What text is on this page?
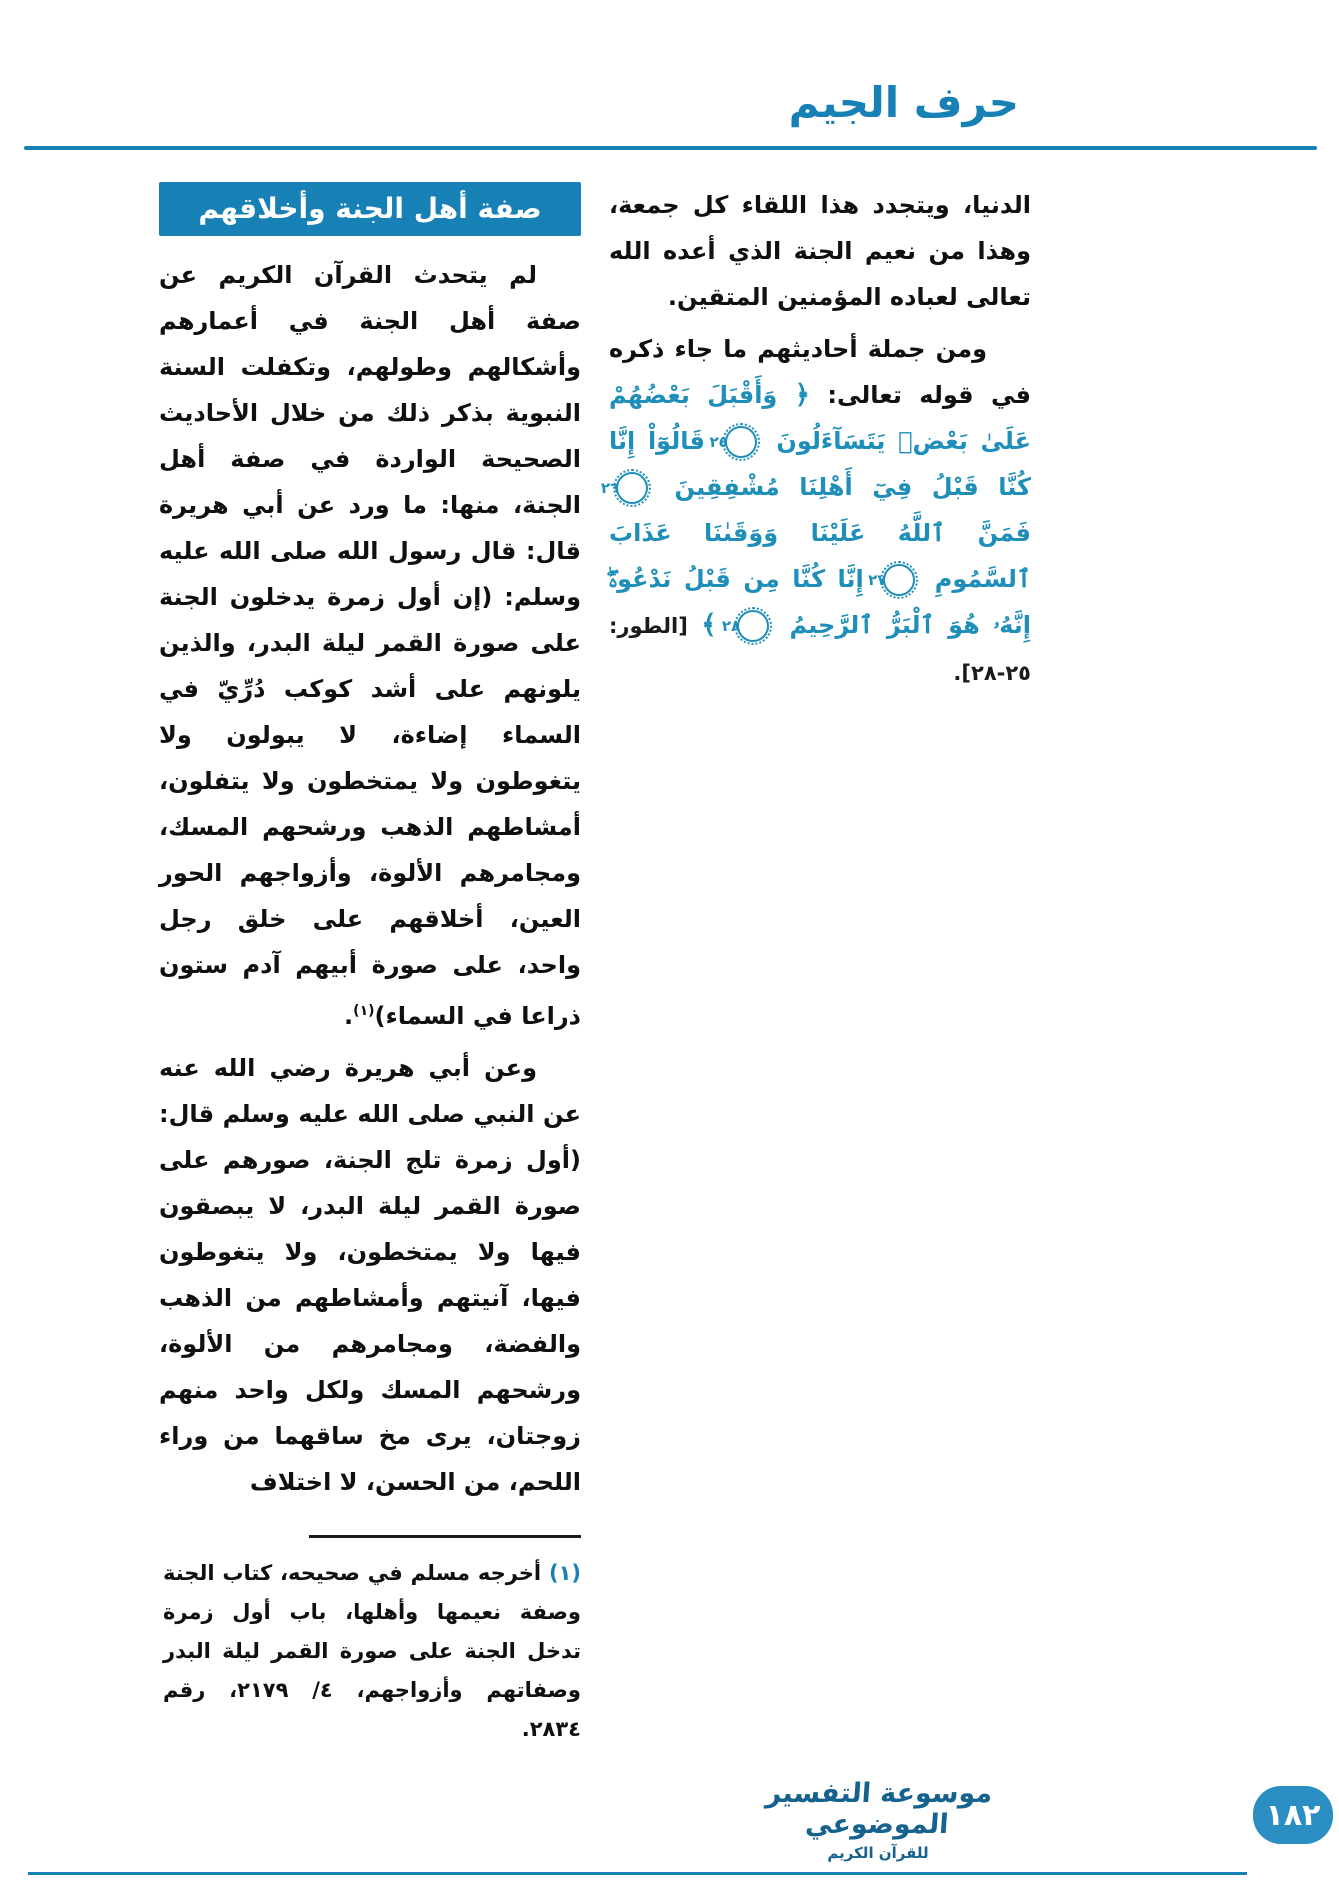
حرف الجيم

الدنيا، ويتجدد هذا اللقاء كل جمعة، وهذا من نعيم الجنة الذي أعده الله تعالى لعباده المؤمنين المتقين.

ومن جملة أحاديثهم ما جاء ذكره في قوله تعالى: ﴿ وَأَقْبَلَ بَعْضُهُمْ عَلَىٰ بَعْضٖ يَتَسَآءَلُونَ ٢٥ قَالُوٓاْ إِنَّا كُنَّا قَبْلُ فِيٓ أَهْلِنَا مُشْفِقِينَ ٢٦ فَمَنَّ ٱللَّهُ عَلَيْنَا وَوَقَىٰنَا عَذَابَ ٱلسَّمُومِ ٢٧ إِنَّا كُنَّا مِن قَبْلُ نَدْعُوهُۖ إِنَّهُۥ هُوَ ٱلْبَرُّ ٱلرَّحِيمُ ٢٨ ﴾ [الطور: ٢٥-٢٨].

صفة أهل الجنة وأخلاقهم

لم يتحدث القرآن الكريم عن صفة أهل الجنة في أعمارهم وأشكالهم وطولهم، وتكفلت السنة النبوية بذكر ذلك من خلال الأحاديث الصحيحة الواردة في صفة أهل الجنة، منها: ما ورد عن أبي هريرة قال: قال رسول الله صلى الله عليه وسلم: (إن أول زمرة يدخلون الجنة على صورة القمر ليلة البدر، والذين يلونهم على أشد كوكب دُرِّيّ في السماء إضاءة، لا يبولون ولا يتغوطون ولا يمتخطون ولا يتفلون، أمشاطهم الذهب ورشحهم المسك، ومجامرهم الألوة، وأزواجهم الحور العين، أخلاقهم على خلق رجل واحد، على صورة أبيهم آدم ستون ذراعا في السماء)$^{(١)}$.

وعن أبي هريرة رضي الله عنه عن النبي صلى الله عليه وسلم قال: (أول زمرة تلج الجنة، صورهم على صورة القمر ليلة البدر، لا يبصقون فيها ولا يمتخطون، ولا يتغوطون فيها، آنيتهم وأمشاطهم من الذهب والفضة، ومجامرهم من الألوة، ورشحهم المسك ولكل واحد منهم زوجتان، يرى مخ ساقهما من وراء اللحم، من الحسن، لا اختلاف

(١) أخرجه مسلم في صحيحه، كتاب الجنة وصفة نعيمها وأهلها، باب أول زمرة تدخل الجنة على صورة القمر ليلة البدر وصفاتهم وأزواجهم، ٤/ ٢١٧٩، رقم ٢٨٣٤.

موسوعة التفسير الموضوعي
للقرآن الكريم
١٨٢
